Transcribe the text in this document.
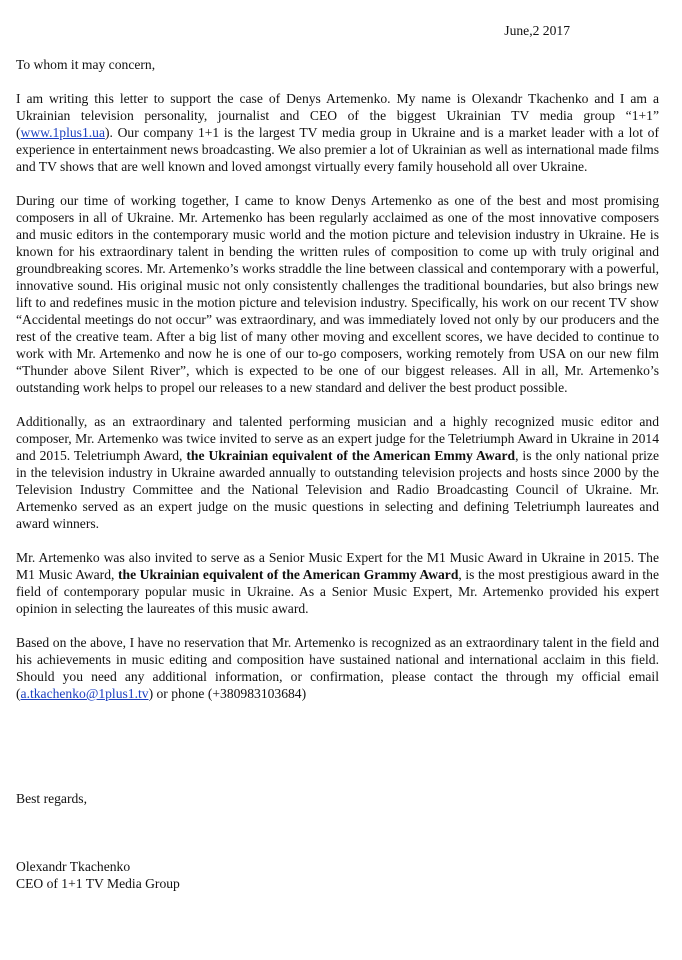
June,2 2017
To whom it may concern,

I am writing this letter to support the case of Denys Artemenko. My name is Olexandr Tkachenko and I am a Ukrainian television personality, journalist and CEO of the biggest Ukrainian TV media group “1+1” (www.1plus1.ua). Our company 1+1 is the largest TV media group in Ukraine and is a market leader with a lot of experience in entertainment news broadcasting. We also premier a lot of Ukrainian as well as international made films and TV shows that are well known and loved amongst virtually every family household all over Ukraine.

During our time of working together, I came to know Denys Artemenko as one of the best and most promising composers in all of Ukraine. Mr. Artemenko has been regularly acclaimed as one of the most innovative composers and music editors in the contemporary music world and the motion picture and television industry in Ukraine. He is known for his extraordinary talent in bending the written rules of composition to come up with truly original and groundbreaking scores. Mr. Artemenko’s works straddle the line between classical and contemporary with a powerful, innovative sound. His original music not only consistently challenges the traditional boundaries, but also brings new lift to and redefines music in the motion picture and television industry. Specifically, his work on our recent TV show “Accidental meetings do not occur” was extraordinary, and was immediately loved not only by our producers and the rest of the creative team. After a big list of many other moving and excellent scores, we have decided to continue to work with Mr. Artemenko and now he is one of our to-go composers, working remotely from USA on our new film “Thunder above Silent River”, which is expected to be one of our biggest releases. All in all, Mr. Artemenko’s outstanding work helps to propel our releases to a new standard and deliver the best product possible.

Additionally, as an extraordinary and talented performing musician and a highly recognized music editor and composer, Mr. Artemenko was twice invited to serve as an expert judge for the Teletriumph Award in Ukraine in 2014 and 2015. Teletriumph Award, the Ukrainian equivalent of the American Emmy Award, is the only national prize in the television industry in Ukraine awarded annually to outstanding television projects and hosts since 2000 by the Television Industry Committee and the National Television and Radio Broadcasting Council of Ukraine. Mr. Artemenko served as an expert judge on the music questions in selecting and defining Teletriumph laureates and award winners.

Mr. Artemenko was also invited to serve as a Senior Music Expert for the M1 Music Award in Ukraine in 2015. The M1 Music Award, the Ukrainian equivalent of the American Grammy Award, is the most prestigious award in the field of contemporary popular music in Ukraine. As a Senior Music Expert, Mr. Artemenko provided his expert opinion in selecting the laureates of this music award.

Based on the above, I have no reservation that Mr. Artemenko is recognized as an extraordinary talent in the field and his achievements in music editing and composition have sustained national and international acclaim in this field. Should you need any additional information, or confirmation, please contact the through my official email (a.tkachenko@1plus1.tv) or phone (+380983103684)

Best regards,
Olexandr Tkachenko
CEO of 1+1 TV Media Group
